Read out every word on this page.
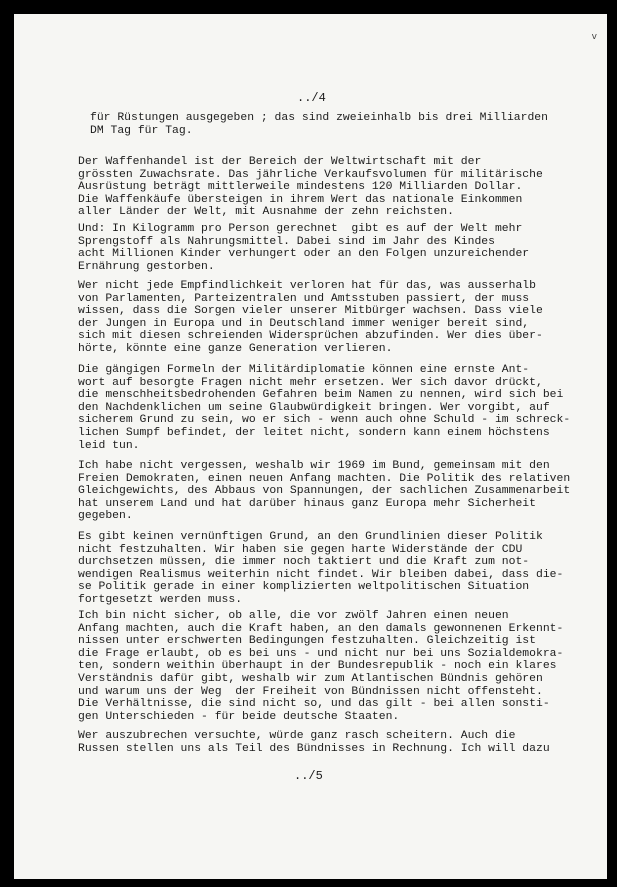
v
../4
für Rüstungen ausgegeben ; das sind zweieinhalb bis drei Milliarden
DM Tag für Tag.
Der Waffenhandel ist der Bereich der Weltwirtschaft mit der
grössten Zuwachsrate. Das jährliche Verkaufsvolumen für militärische
Ausrüstung beträgt mittlerweile mindestens 120 Milliarden Dollar.
Die Waffenkäufe übersteigen in ihrem Wert das nationale Einkommen
aller Länder der Welt, mit Ausnahme der zehn reichsten.
Und: In Kilogramm pro Person gerechnet  gibt es auf der Welt mehr
Sprengstoff als Nahrungsmittel. Dabei sind im Jahr des Kindes
acht Millionen Kinder verhungert oder an den Folgen unzureichender
Ernährung gestorben.
Wer nicht jede Empfindlichkeit verloren hat für das, was ausserhalb
von Parlamenten, Parteizentralen und Amtsstuben passiert, der muss
wissen, dass die Sorgen vieler unserer Mitbürger wachsen. Dass viele
der Jungen in Europa und in Deutschland immer weniger bereit sind,
sich mit diesen schreienden Widersprüchen abzufinden. Wer dies über-
hörte, könnte eine ganze Generation verlieren.
Die gängigen Formeln der Militärdiplomatie können eine ernste Ant-
wort auf besorgte Fragen nicht mehr ersetzen. Wer sich davor drückt,
die menschheitsbedrohenden Gefahren beim Namen zu nennen, wird sich bei
den Nachdenklichen um seine Glaubwürdigkeit bringen. Wer vorgibt, auf
sicherem Grund zu sein, wo er sich - wenn auch ohne Schuld - im schreck-
lichen Sumpf befindet, der leitet nicht, sondern kann einem höchstens
leid tun.
Ich habe nicht vergessen, weshalb wir 1969 im Bund, gemeinsam mit den
Freien Demokraten, einen neuen Anfang machten. Die Politik des relativen
Gleichgewichts, des Abbaus von Spannungen, der sachlichen Zusammenarbeit
hat unserem Land und hat darüber hinaus ganz Europa mehr Sicherheit
gegeben.
Es gibt keinen vernünftigen Grund, an den Grundlinien dieser Politik
nicht festzuhalten. Wir haben sie gegen harte Widerstände der CDU
durchsetzen müssen, die immer noch taktiert und die Kraft zum not-
wendigen Realismus weiterhin nicht findet. Wir bleiben dabei, dass die-
se Politik gerade in einer komplizierten weltpolitischen Situation
fortgesetzt werden muss.
Ich bin nicht sicher, ob alle, die vor zwölf Jahren einen neuen
Anfang machten, auch die Kraft haben, an den damals gewonnenen Erkennt-
nissen unter erschwerten Bedingungen festzuhalten. Gleichzeitig ist
die Frage erlaubt, ob es bei uns - und nicht nur bei uns Sozialdemokra-
ten, sondern weithin überhaupt in der Bundesrepublik - noch ein klares
Verständnis dafür gibt, weshalb wir zum Atlantischen Bündnis gehören
und warum uns der Weg  der Freiheit von Bündnissen nicht offensteht.
Die Verhältnisse, die sind nicht so, und das gilt - bei allen sonsti-
gen Unterschieden - für beide deutsche Staaten.
Wer auszubrechen versuchte, würde ganz rasch scheitern. Auch die
Russen stellen uns als Teil des Bündnisses in Rechnung. Ich will dazu
../5
